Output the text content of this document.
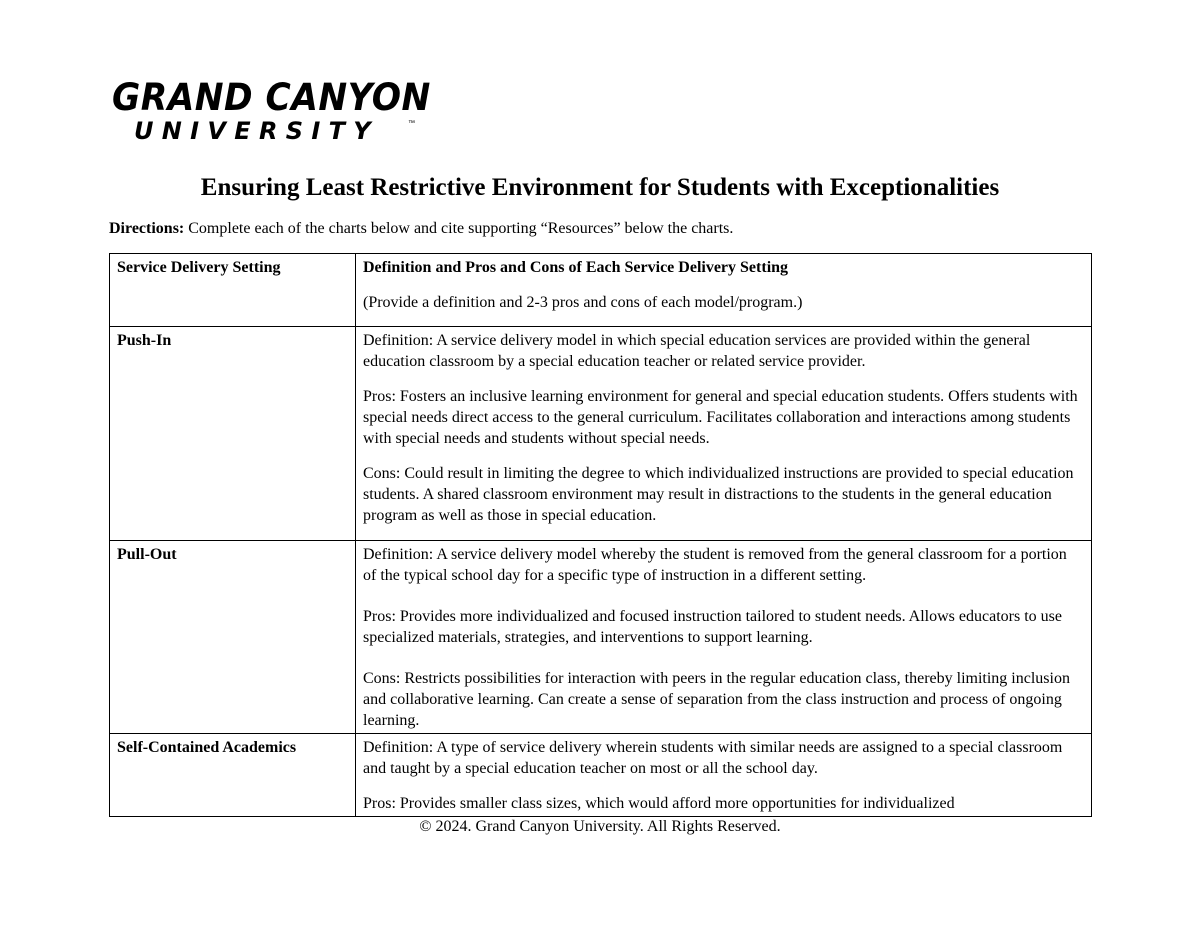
GRAND CANYON
UNIVERSITY	™
Ensuring Least Restrictive Environment for Students with Exceptionalities
Directions: Complete each of the charts below and cite supporting “Resources” below the charts.
Service Delivery Setting	Definition and Pros and Cons of Each Service Delivery Setting

(Provide a definition and 2-3 pros and cons of each model/program.)

Push-In	Definition: A service delivery model in which special education services are provided within the general education classroom by a special education teacher or related service provider.

Pros: Fosters an inclusive learning environment for general and special education students. Offers students with special needs direct access to the general curriculum. Facilitates collaboration and interactions among students with special needs and students without special needs.

Cons: Could result in limiting the degree to which individualized instructions are provided to special education students. A shared classroom environment may result in distractions to the students in the general education program as well as those in special education.

Pull-Out	Definition: A service delivery model whereby the student is removed from the general classroom for a portion of the typical school day for a specific type of instruction in a different setting.

Pros: Provides more individualized and focused instruction tailored to student needs. Allows educators to use specialized materials, strategies, and interventions to support learning.

Cons: Restricts possibilities for interaction with peers in the regular education class, thereby limiting inclusion and collaborative learning. Can create a sense of separation from the class instruction and process of ongoing learning.

Self-Contained Academics	Definition: A type of service delivery wherein students with similar needs are assigned to a special classroom and taught by a special education teacher on most or all the school day.

Pros: Provides smaller class sizes, which would afford more opportunities for individualized

© 2024. Grand Canyon University. All Rights Reserved.
